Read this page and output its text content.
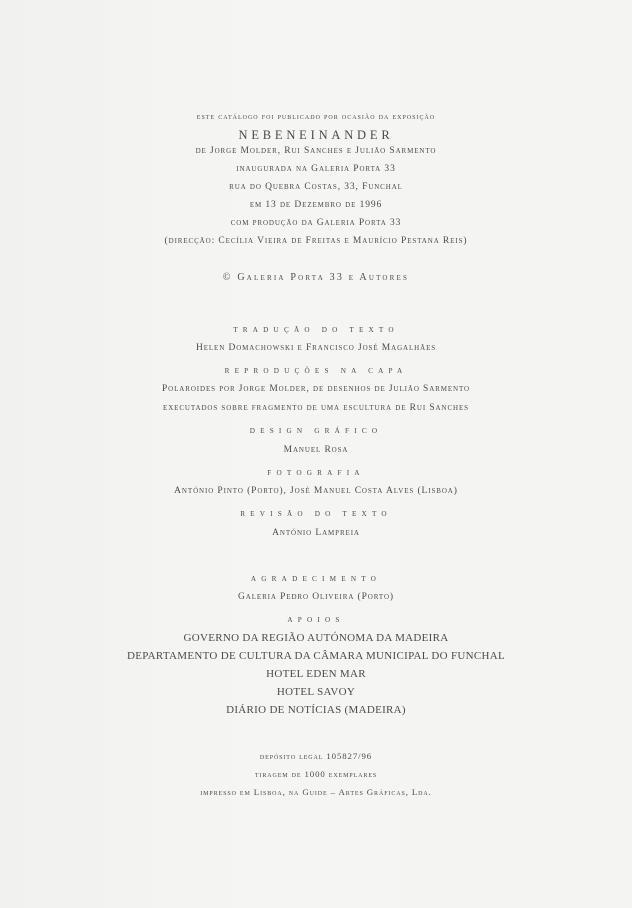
este catálogo foi publicado por ocasião da exposição
NEBENEINANDER
de Jorge Molder, Rui Sanches e Julião Sarmento
inaugurada na Galeria Porta 33
rua do Quebra Costas, 33, Funchal
em 13 de Dezembro de 1996
com produção da Galeria Porta 33
(direcção: Cecília Vieira de Freitas e Maurício Pestana Reis)
© Galeria Porta 33 e Autores
TRADUÇÃO DO TEXTO
Helen Domachowski e Francisco José Magalhães
REPRODUÇÕES NA CAPA
Polaroides por Jorge Molder, de desenhos de Julião Sarmento
executados sobre fragmento de uma escultura de Rui Sanches
DESIGN GRÁFICO
Manuel Rosa
FOTOGRAFIA
António Pinto (Porto), José Manuel Costa Alves (Lisboa)
REVISÃO DO TEXTO
António Lampreia
AGRADECIMENTO
Galeria Pedro Oliveira (Porto)
APOIOS
GOVERNO DA REGIÃO AUTÓNOMA DA MADEIRA
DEPARTAMENTO DE CULTURA DA CÂMARA MUNICIPAL DO FUNCHAL
HOTEL EDEN MAR
HOTEL SAVOY
DIÁRIO DE NOTÍCIAS (MADEIRA)
depósito legal 105827/96
tiragem de 1000 exemplares
impresso em Lisboa, na Guide – Artes Gráficas, Lda.
